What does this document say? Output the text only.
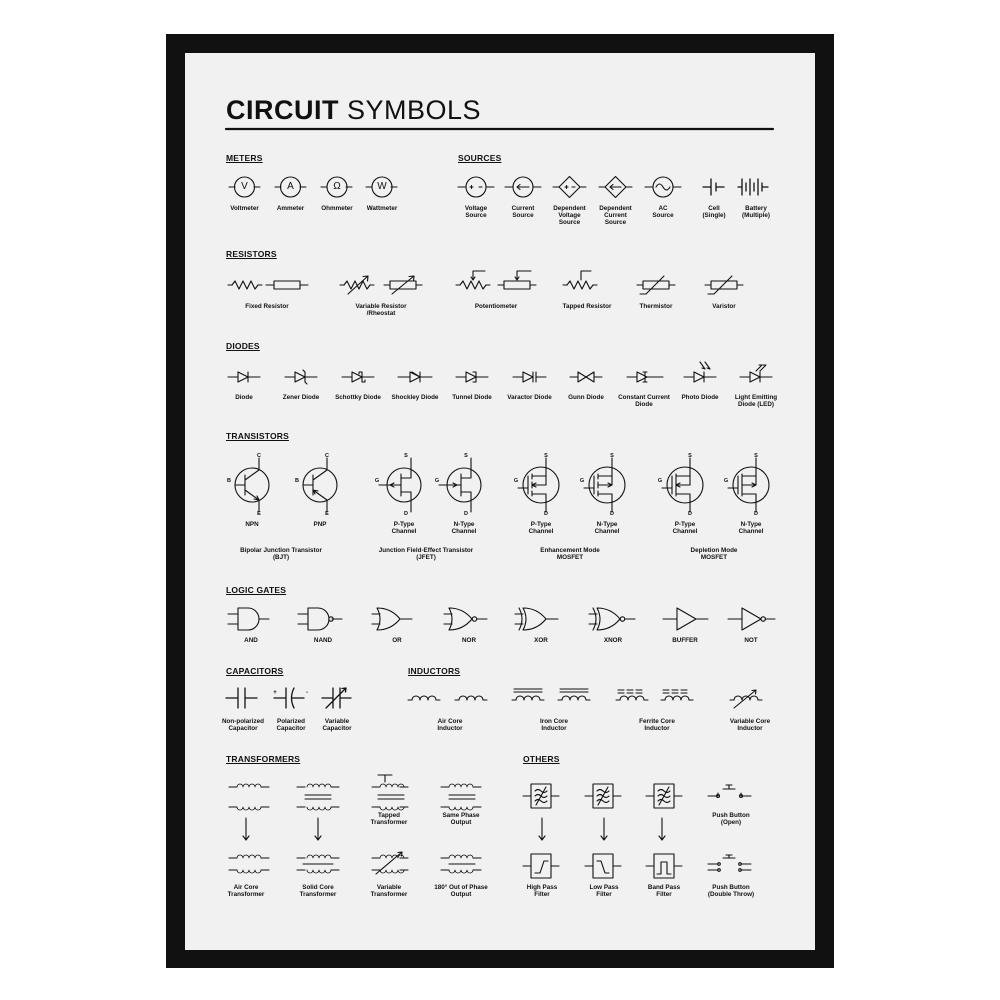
CIRCUIT SYMBOLS
METERS	SOURCES
RESISTORS
DIODES
TRANSISTORS
LOGIC GATES
CAPACITORS	INDUCTORS
TRANSFORMERS	OTHERS
V	A	Ω	W
Voltmeter	Ammeter	Ohmmeter Wattmeter	Voltage
Source
Current
Source
Dependent
Voltage
Source
Dependent
Current
Source
AC
Source
Cell
(Single)
Battery
(Multiple)
Fixed Resistor	Variable Resistor
/Rheostat
Potentiometer	Tapped Resistor	Thermistor	Varistor
Diode	Zener Diode	Schottky Diode Shockley Diode Tunnel Diode Varactor Diode	Gunn Diode Constant Current
Diode
Photo Diode	Light Emitting
Diode (LED)
C
E
B
C
E
B
S
D
G
S
D
G
S
D
G
S
D
G
S
D
G
S
D
G
NPN	PNP	P-Type
Channel
N-Type
Channel
P-Type
Channel
N-Type
Channel
P-Type
Channel
N-Type
Channel
Bipolar Junction Transistor
(BJT)
Junction Field-Effect Transistor
(JFET)
Enhancement Mode
MOSFET
Depletion Mode
MOSFET
AND	NAND	OR	NOR	XOR	XNOR	BUFFER	NOT
+	-
Non-polarized
Capacitor
Polarized
Capacitor
Variable
Capacitor
Air Core
Inductor
Iron Core
Inductor
Ferrite Core
Inductor
Variable Core
Inductor
Tapped
Transformer
Same Phase
Output
Air Core
Transformer
Solid Core
Transformer
Variable
Transformer
180° Out of Phase
Output
Push Button
(Open)
High Pass
Filter
Low Pass
Filter
Band Pass
Filter
Push Button
(Double Throw)
